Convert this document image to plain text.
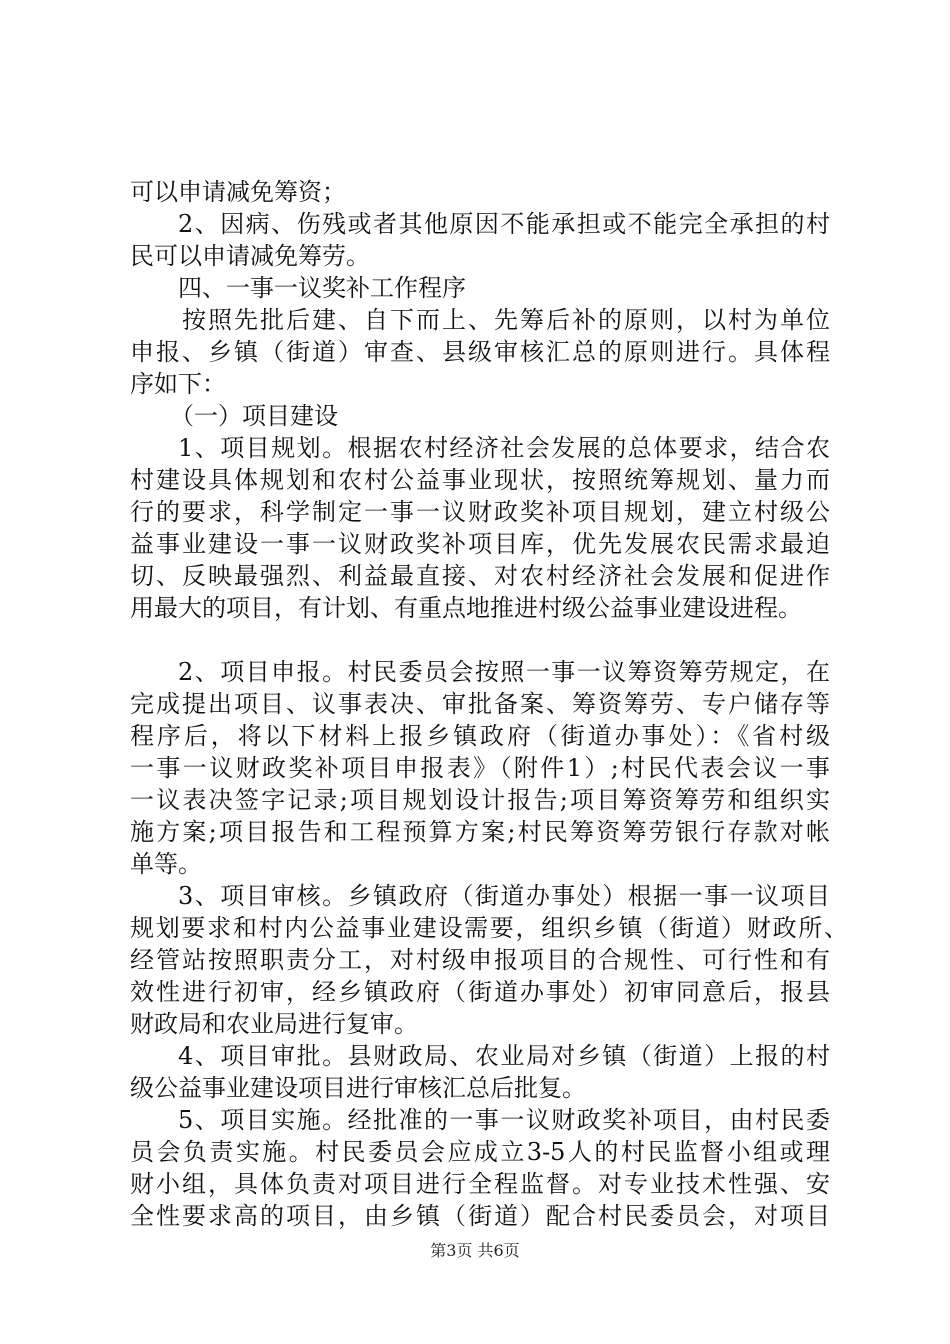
可以申请减免筹资；
2、因病、伤残或者其他原因不能承担或不能完全承担的村
民可以申请减免筹劳。
四、一事一议奖补工作程序
按照先批后建、自下而上、先筹后补的原则，以村为单位
申报、乡镇（街道）审查、县级审核汇总的原则进行。具体程
序如下：
（一）项目建设
1、项目规划。根据农村经济社会发展的总体要求，结合农
村建设具体规划和农村公益事业现状，按照统筹规划、量力而
行的要求，科学制定一事一议财政奖补项目规划，建立村级公
益事业建设一事一议财政奖补项目库，优先发展农民需求最迫
切、反映最强烈、利益最直接、对农村经济社会发展和促进作
用最大的项目，有计划、有重点地推进村级公益事业建设进程。
2、项目申报。村民委员会按照一事一议筹资筹劳规定，在
完成提出项目、议事表决、审批备案、筹资筹劳、专户储存等
程序后，将以下材料上报乡镇政府（街道办事处）：《省村级
一事一议财政奖补项目申报表》（附件1）;村民代表会议一事
一议表决签字记录;项目规划设计报告;项目筹资筹劳和组织实
施方案;项目报告和工程预算方案;村民筹资筹劳银行存款对帐
单等。
3、项目审核。乡镇政府（街道办事处）根据一事一议项目
规划要求和村内公益事业建设需要，组织乡镇（街道）财政所、
经管站按照职责分工，对村级申报项目的合规性、可行性和有
效性进行初审，经乡镇政府（街道办事处）初审同意后，报县
财政局和农业局进行复审。
4、项目审批。县财政局、农业局对乡镇（街道）上报的村
级公益事业建设项目进行审核汇总后批复。
5、项目实施。经批准的一事一议财政奖补项目，由村民委
员会负责实施。村民委员会应成立3-5人的村民监督小组或理
财小组，具体负责对项目进行全程监督。对专业技术性强、安
全性要求高的项目，由乡镇（街道）配合村民委员会，对项目
第3页 共6页
